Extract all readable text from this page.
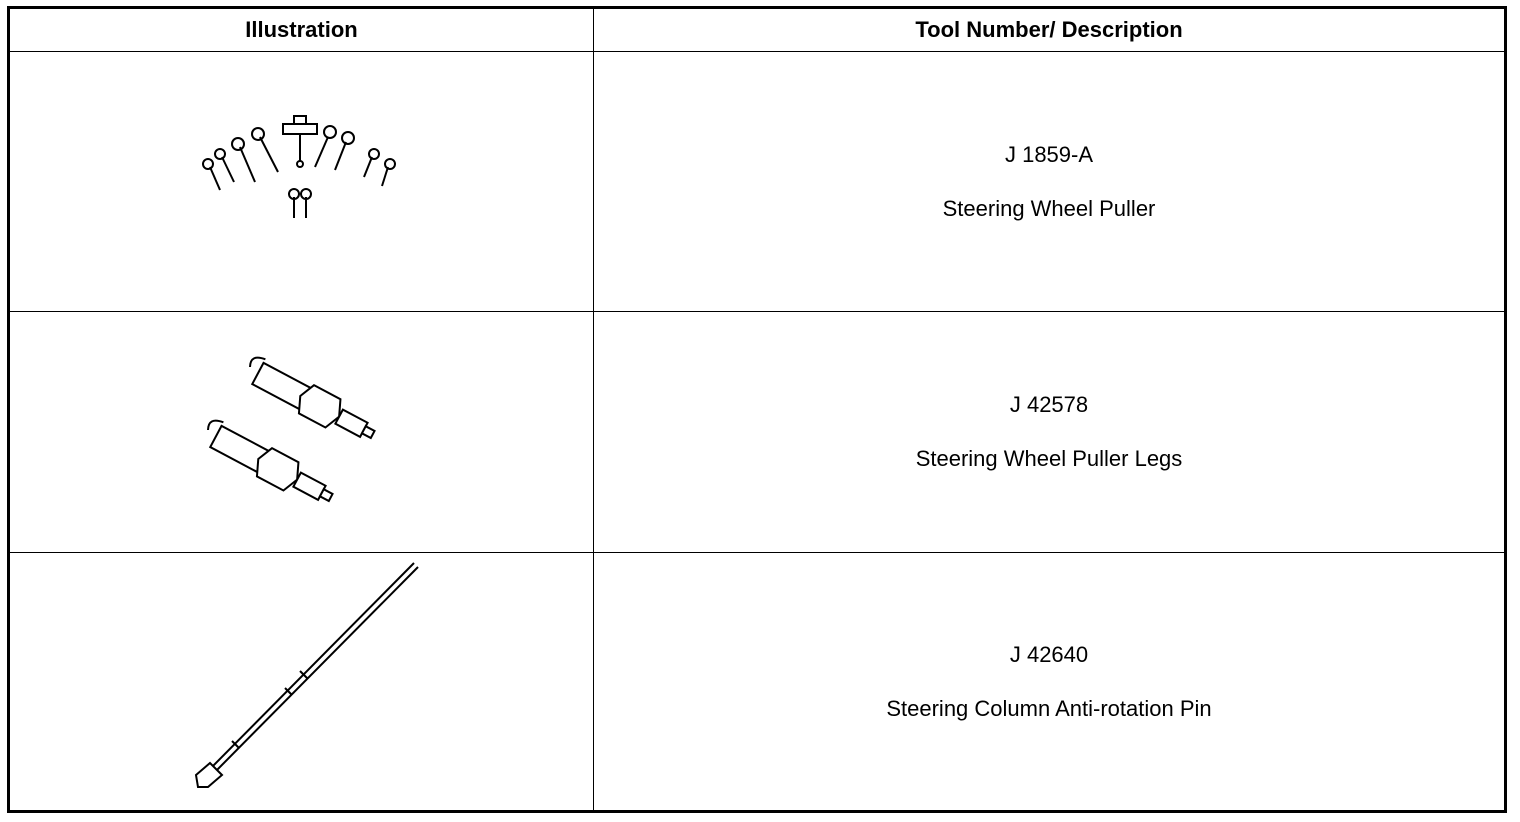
Illustration	Tool Number/ Description

J 1859-A
Steering Wheel Puller

J 42578
Steering Wheel Puller Legs

J 42640
Steering Column Anti-rotation Pin
